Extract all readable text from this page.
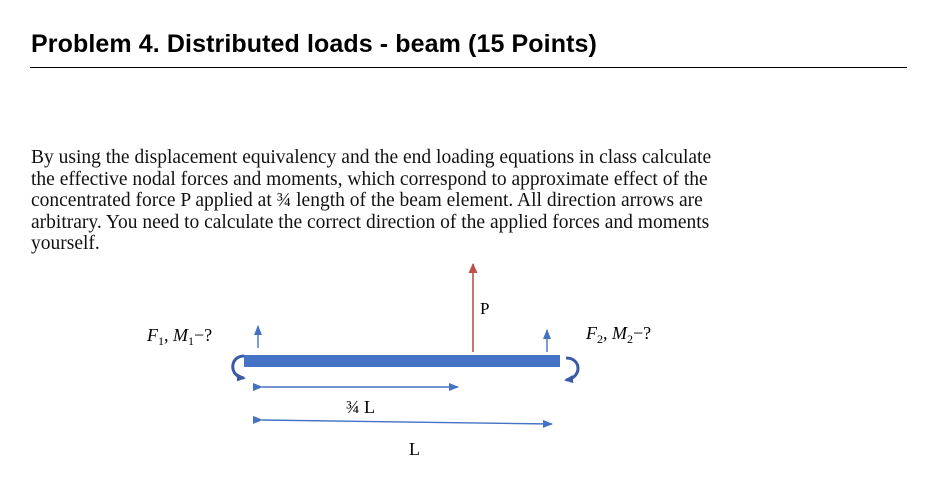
Problem 4. Distributed loads - beam (15 Points)
By using the displacement equivalency and the end loading equations in class calculate
the effective nodal forces and moments, which correspond to approximate effect of the
concentrated force P applied at ¾ length of the beam element. All direction arrows are
arbitrary. You need to calculate the correct direction of the applied forces and moments
yourself.
P
$F_1$, $M_1-$?	$F_2$, $M_2-$?
¾ L
L
